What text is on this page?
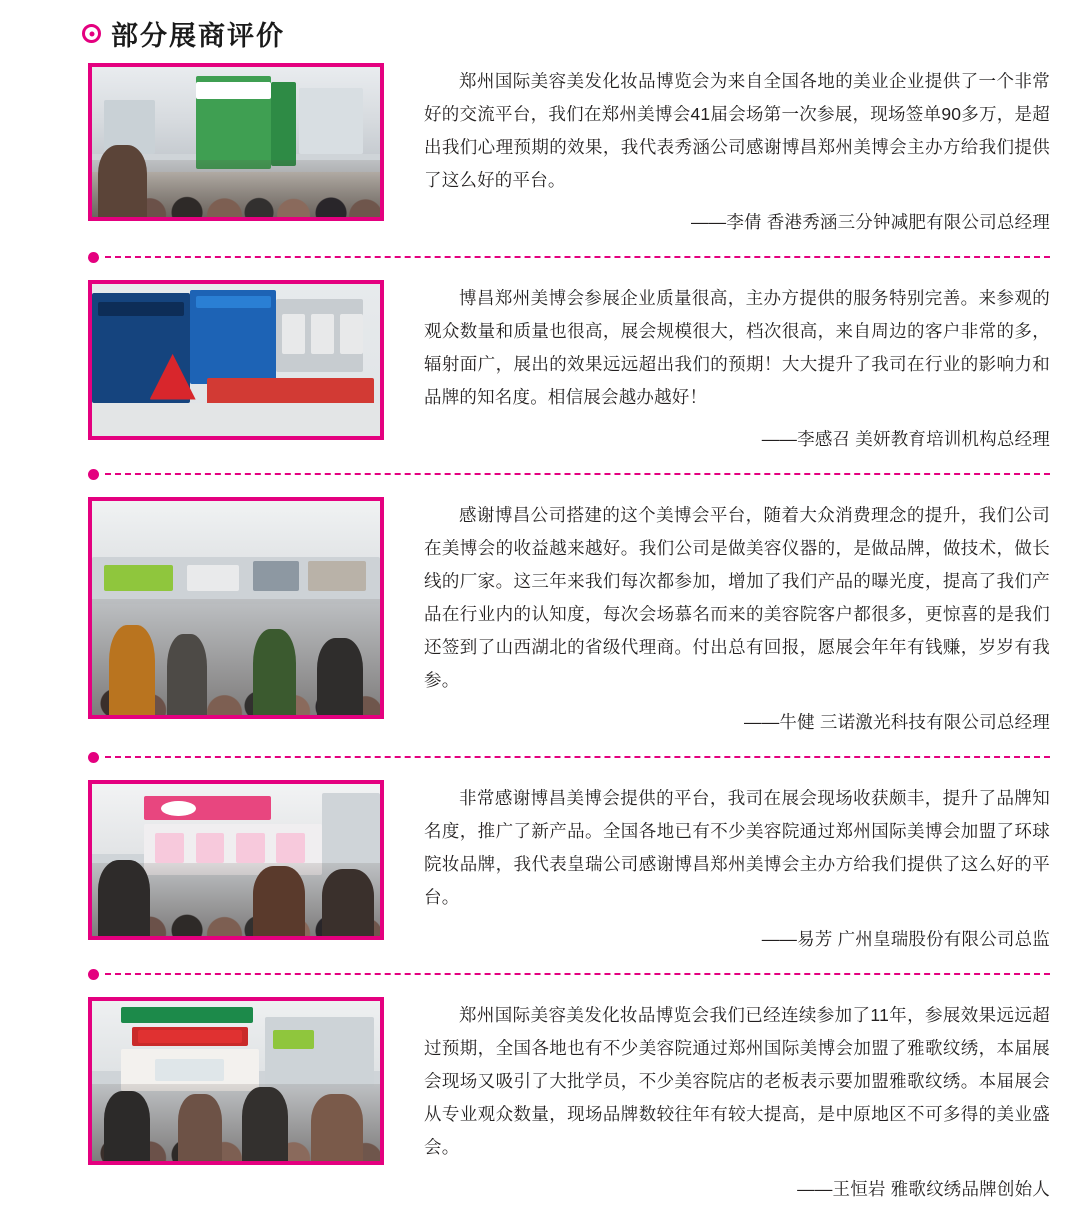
部分展商评价
郑州国际美容美发化妆品博览会为来自全国各地的美业企业提供了一个非常好的交流平台，我们在郑州美博会41届会场第一次参展，现场签单90多万，是超出我们心理预期的效果，我代表秀涵公司感谢博昌郑州美博会主办方给我们提供了这么好的平台。
——李倩 香港秀涵三分钟减肥有限公司总经理
博昌郑州美博会参展企业质量很高，主办方提供的服务特别完善。来参观的观众数量和质量也很高，展会规模很大，档次很高，来自周边的客户非常的多，辐射面广，展出的效果远远超出我们的预期！大大提升了我司在行业的影响力和品牌的知名度。相信展会越办越好！
——李感召 美妍教育培训机构总经理
感谢博昌公司搭建的这个美博会平台，随着大众消费理念的提升，我们公司在美博会的收益越来越好。我们公司是做美容仪器的，是做品牌，做技术，做长线的厂家。这三年来我们每次都参加，增加了我们产品的曝光度，提高了我们产品在行业内的认知度，每次会场慕名而来的美容院客户都很多，更惊喜的是我们还签到了山西湖北的省级代理商。付出总有回报，愿展会年年有钱赚，岁岁有我参。
——牛健 三诺激光科技有限公司总经理
非常感谢博昌美博会提供的平台，我司在展会现场收获颇丰，提升了品牌知名度，推广了新产品。全国各地已有不少美容院通过郑州国际美博会加盟了环球院妆品牌，我代表皇瑞公司感谢博昌郑州美博会主办方给我们提供了这么好的平台。
——易芳 广州皇瑞股份有限公司总监
郑州国际美容美发化妆品博览会我们已经连续参加了11年，参展效果远远超过预期，全国各地也有不少美容院通过郑州国际美博会加盟了雅歌纹绣，本届展会现场又吸引了大批学员，不少美容院店的老板表示要加盟雅歌纹绣。本届展会从专业观众数量，现场品牌数较往年有较大提高，是中原地区不可多得的美业盛会。
——王恒岩 雅歌纹绣品牌创始人
